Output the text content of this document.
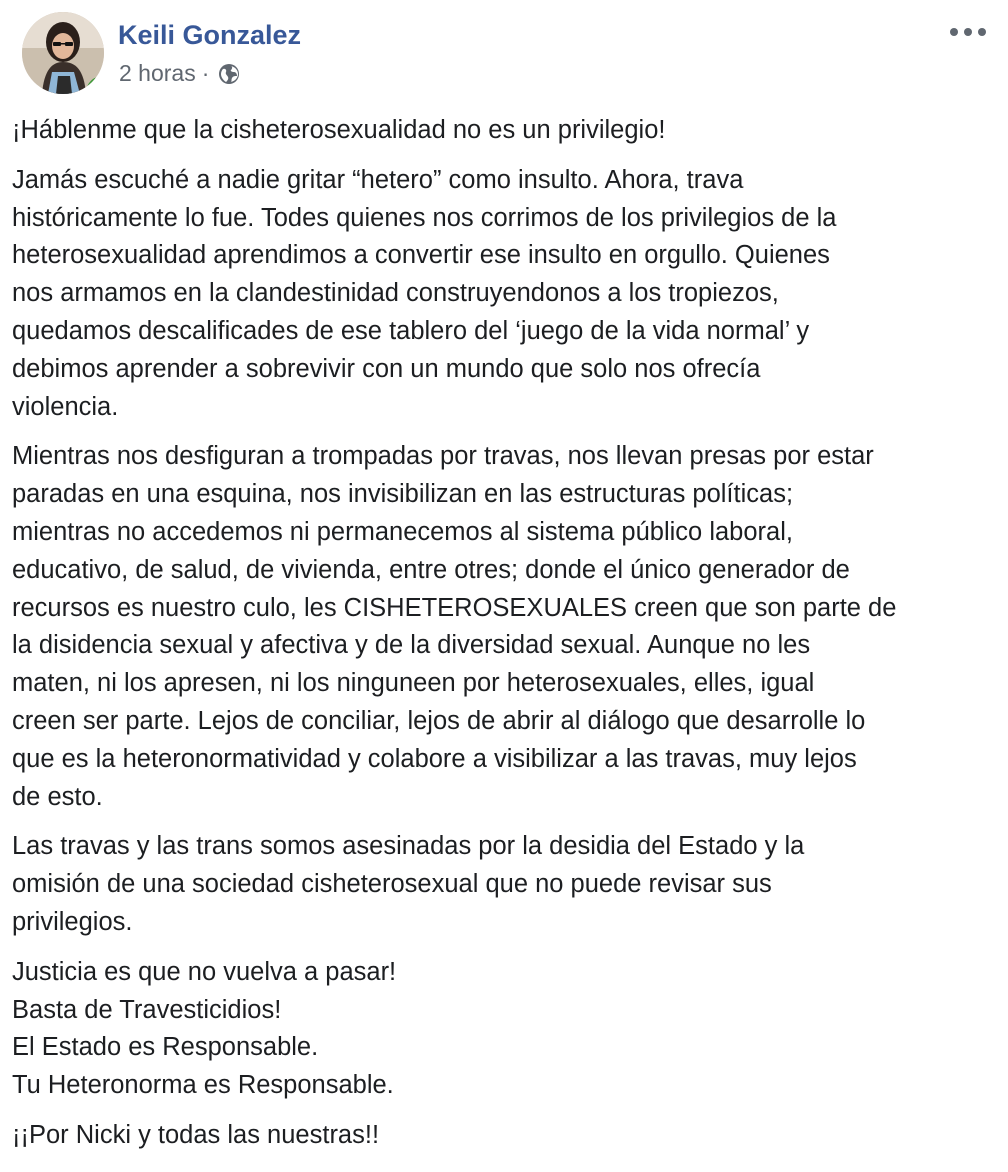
Keili Gonzalez
2 horas ·

¡Háblenme que la cisheterosexualidad no es un privilegio!

Jamás escuché a nadie gritar “hetero” como insulto. Ahora, trava
históricamente lo fue. Todes quienes nos corrimos de los privilegios de la
heterosexualidad aprendimos a convertir ese insulto en orgullo. Quienes
nos armamos en la clandestinidad construyendonos a los tropiezos,
quedamos descalificades de ese tablero del ‘juego de la vida normal’ y
debimos aprender a sobrevivir con un mundo que solo nos ofrecía
violencia.

Mientras nos desfiguran a trompadas por travas, nos llevan presas por estar
paradas en una esquina, nos invisibilizan en las estructuras políticas;
mientras no accedemos ni permanecemos al sistema público laboral,
educativo, de salud, de vivienda, entre otres; donde el único generador de
recursos es nuestro culo, les CISHETEROSEXUALES creen que son parte de
la disidencia sexual y afectiva y de la diversidad sexual. Aunque no les
maten, ni los apresen, ni los ninguneen por heterosexuales, elles, igual
creen ser parte. Lejos de conciliar, lejos de abrir al diálogo que desarrolle lo
que es la heteronormatividad y colabore a visibilizar a las travas, muy lejos
de esto.

Las travas y las trans somos asesinadas por la desidia del Estado y la
omisión de una sociedad cisheterosexual que no puede revisar sus
privilegios.

Justicia es que no vuelva a pasar!
Basta de Travesticidios!
El Estado es Responsable.
Tu Heteronorma es Responsable.

¡¡Por Nicki y todas las nuestras!!
